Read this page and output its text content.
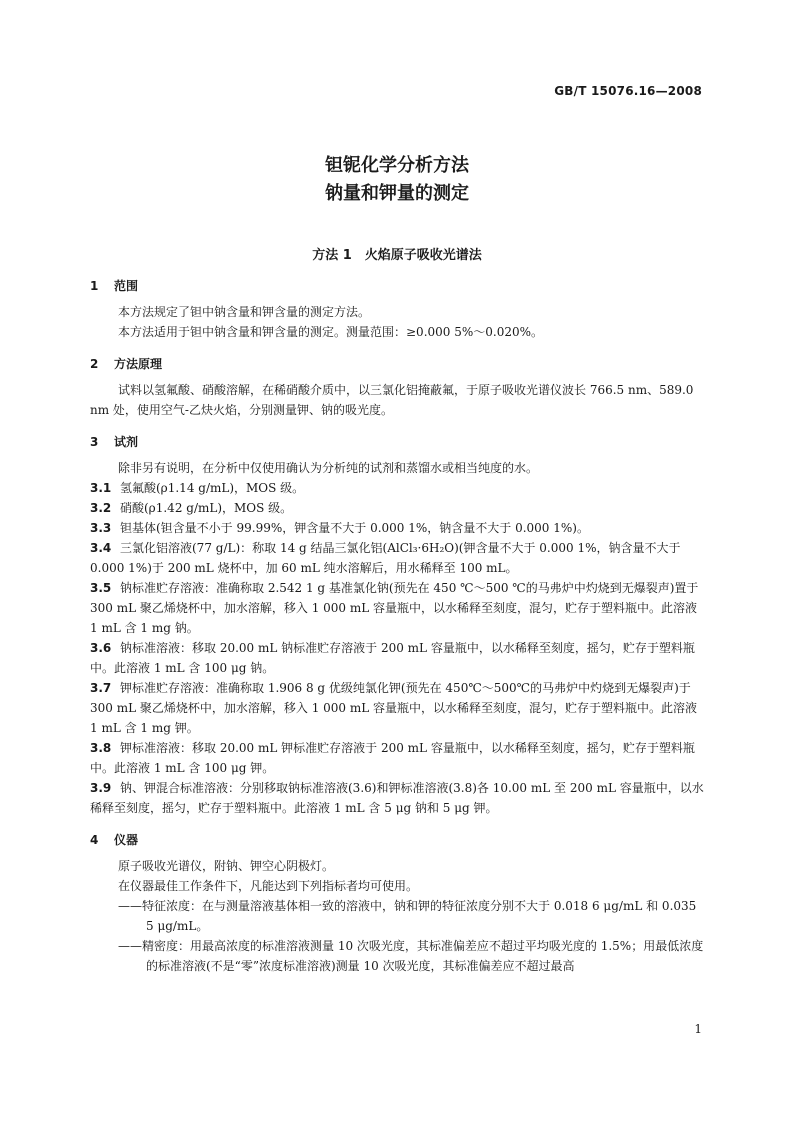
GB/T 15076.16—2008
钽铌化学分析方法
钠量和钾量的测定
方法 1　火焰原子吸收光谱法
1 范围

本方法规定了钽中钠含量和钾含量的测定方法。

本方法适用于钽中钠含量和钾含量的测定。测量范围：≥0.000 5%～0.020%。

2 方法原理

试料以氢氟酸、硝酸溶解，在稀硝酸介质中，以三氯化铝掩蔽氟，于原子吸收光谱仪波长 766.5 nm、589.0 nm 处，使用空气-乙炔火焰，分别测量钾、钠的吸光度。

3 试剂

除非另有说明，在分析中仅使用确认为分析纯的试剂和蒸馏水或相当纯度的水。

3.1 氢氟酸(ρ1.14 g/mL)，MOS 级。

3.2 硝酸(ρ1.42 g/mL)，MOS 级。

3.3 钽基体(钽含量不小于 99.99%，钾含量不大于 0.000 1%，钠含量不大于 0.000 1%)。

3.4 三氯化铝溶液(77 g/L)：称取 14 g 结晶三氯化铝(AlCl₃·6H₂O)(钾含量不大于 0.000 1%，钠含量不大于 0.000 1%)于 200 mL 烧杯中，加 60 mL 纯水溶解后，用水稀释至 100 mL。

3.5 钠标准贮存溶液：准确称取 2.542 1 g 基准氯化钠(预先在 450 ℃～500 ℃的马弗炉中灼烧到无爆裂声)置于 300 mL 聚乙烯烧杯中，加水溶解，移入 1 000 mL 容量瓶中，以水稀释至刻度，混匀，贮存于塑料瓶中。此溶液 1 mL 含 1 mg 钠。

3.6 钠标准溶液：移取 20.00 mL 钠标准贮存溶液于 200 mL 容量瓶中，以水稀释至刻度，摇匀，贮存于塑料瓶中。此溶液 1 mL 含 100 μg 钠。

3.7 钾标准贮存溶液：准确称取 1.906 8 g 优级纯氯化钾(预先在 450℃～500℃的马弗炉中灼烧到无爆裂声)于 300 mL 聚乙烯烧杯中，加水溶解，移入 1 000 mL 容量瓶中，以水稀释至刻度，混匀，贮存于塑料瓶中。此溶液 1 mL 含 1 mg 钾。

3.8 钾标准溶液：移取 20.00 mL 钾标准贮存溶液于 200 mL 容量瓶中，以水稀释至刻度，摇匀，贮存于塑料瓶中。此溶液 1 mL 含 100 μg 钾。

3.9 钠、钾混合标准溶液：分别移取钠标准溶液(3.6)和钾标准溶液(3.8)各 10.00 mL 至 200 mL 容量瓶中，以水稀释至刻度，摇匀，贮存于塑料瓶中。此溶液 1 mL 含 5 μg 钠和 5 μg 钾。

4 仪器

原子吸收光谱仪，附钠、钾空心阴极灯。

在仪器最佳工作条件下，凡能达到下列指标者均可使用。

——特征浓度：在与测量溶液基体相一致的溶液中，钠和钾的特征浓度分别不大于 0.018 6 μg/mL 和 0.035 5 μg/mL。

——精密度：用最高浓度的标准溶液测量 10 次吸光度，其标准偏差应不超过平均吸光度的 1.5%；用最低浓度的标准溶液(不是“零”浓度标准溶液)测量 10 次吸光度，其标准偏差应不超过最高

1
